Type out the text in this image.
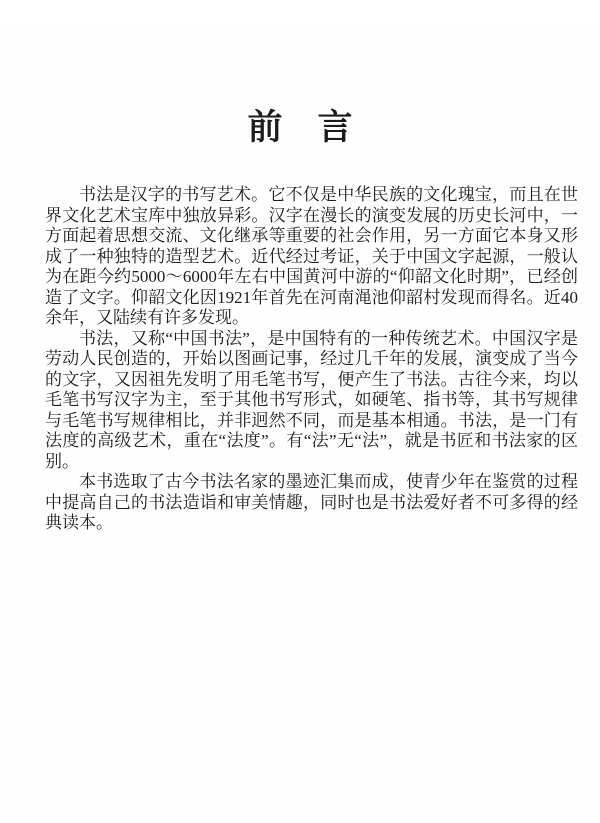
前　言
书法是汉字的书写艺术。它不仅是中华民族的文化瑰宝，而且在世
界文化艺术宝库中独放异彩。汉字在漫长的演变发展的历史长河中，一
方面起着思想交流、文化继承等重要的社会作用，另一方面它本身又形
成了一种独特的造型艺术。近代经过考证，关于中国文字起源，一般认
为在距今约5000～6000年左右中国黄河中游的“仰韶文化时期”，已经创
造了文字。仰韶文化因1921年首先在河南渑池仰韶村发现而得名。近40
余年，又陆续有许多发现。
书法，又称“中国书法”，是中国特有的一种传统艺术。中国汉字是
劳动人民创造的，开始以图画记事，经过几千年的发展，演变成了当今
的文字，又因祖先发明了用毛笔书写，便产生了书法。古往今来，均以
毛笔书写汉字为主，至于其他书写形式，如硬笔、指书等，其书写规律
与毛笔书写规律相比，并非迥然不同，而是基本相通。书法，是一门有
法度的高级艺术，重在“法度”。有“法”无“法”，就是书匠和书法家的区
别。
本书选取了古今书法名家的墨迹汇集而成，使青少年在鉴赏的过程
中提高自己的书法造诣和审美情趣，同时也是书法爱好者不可多得的经
典读本。
